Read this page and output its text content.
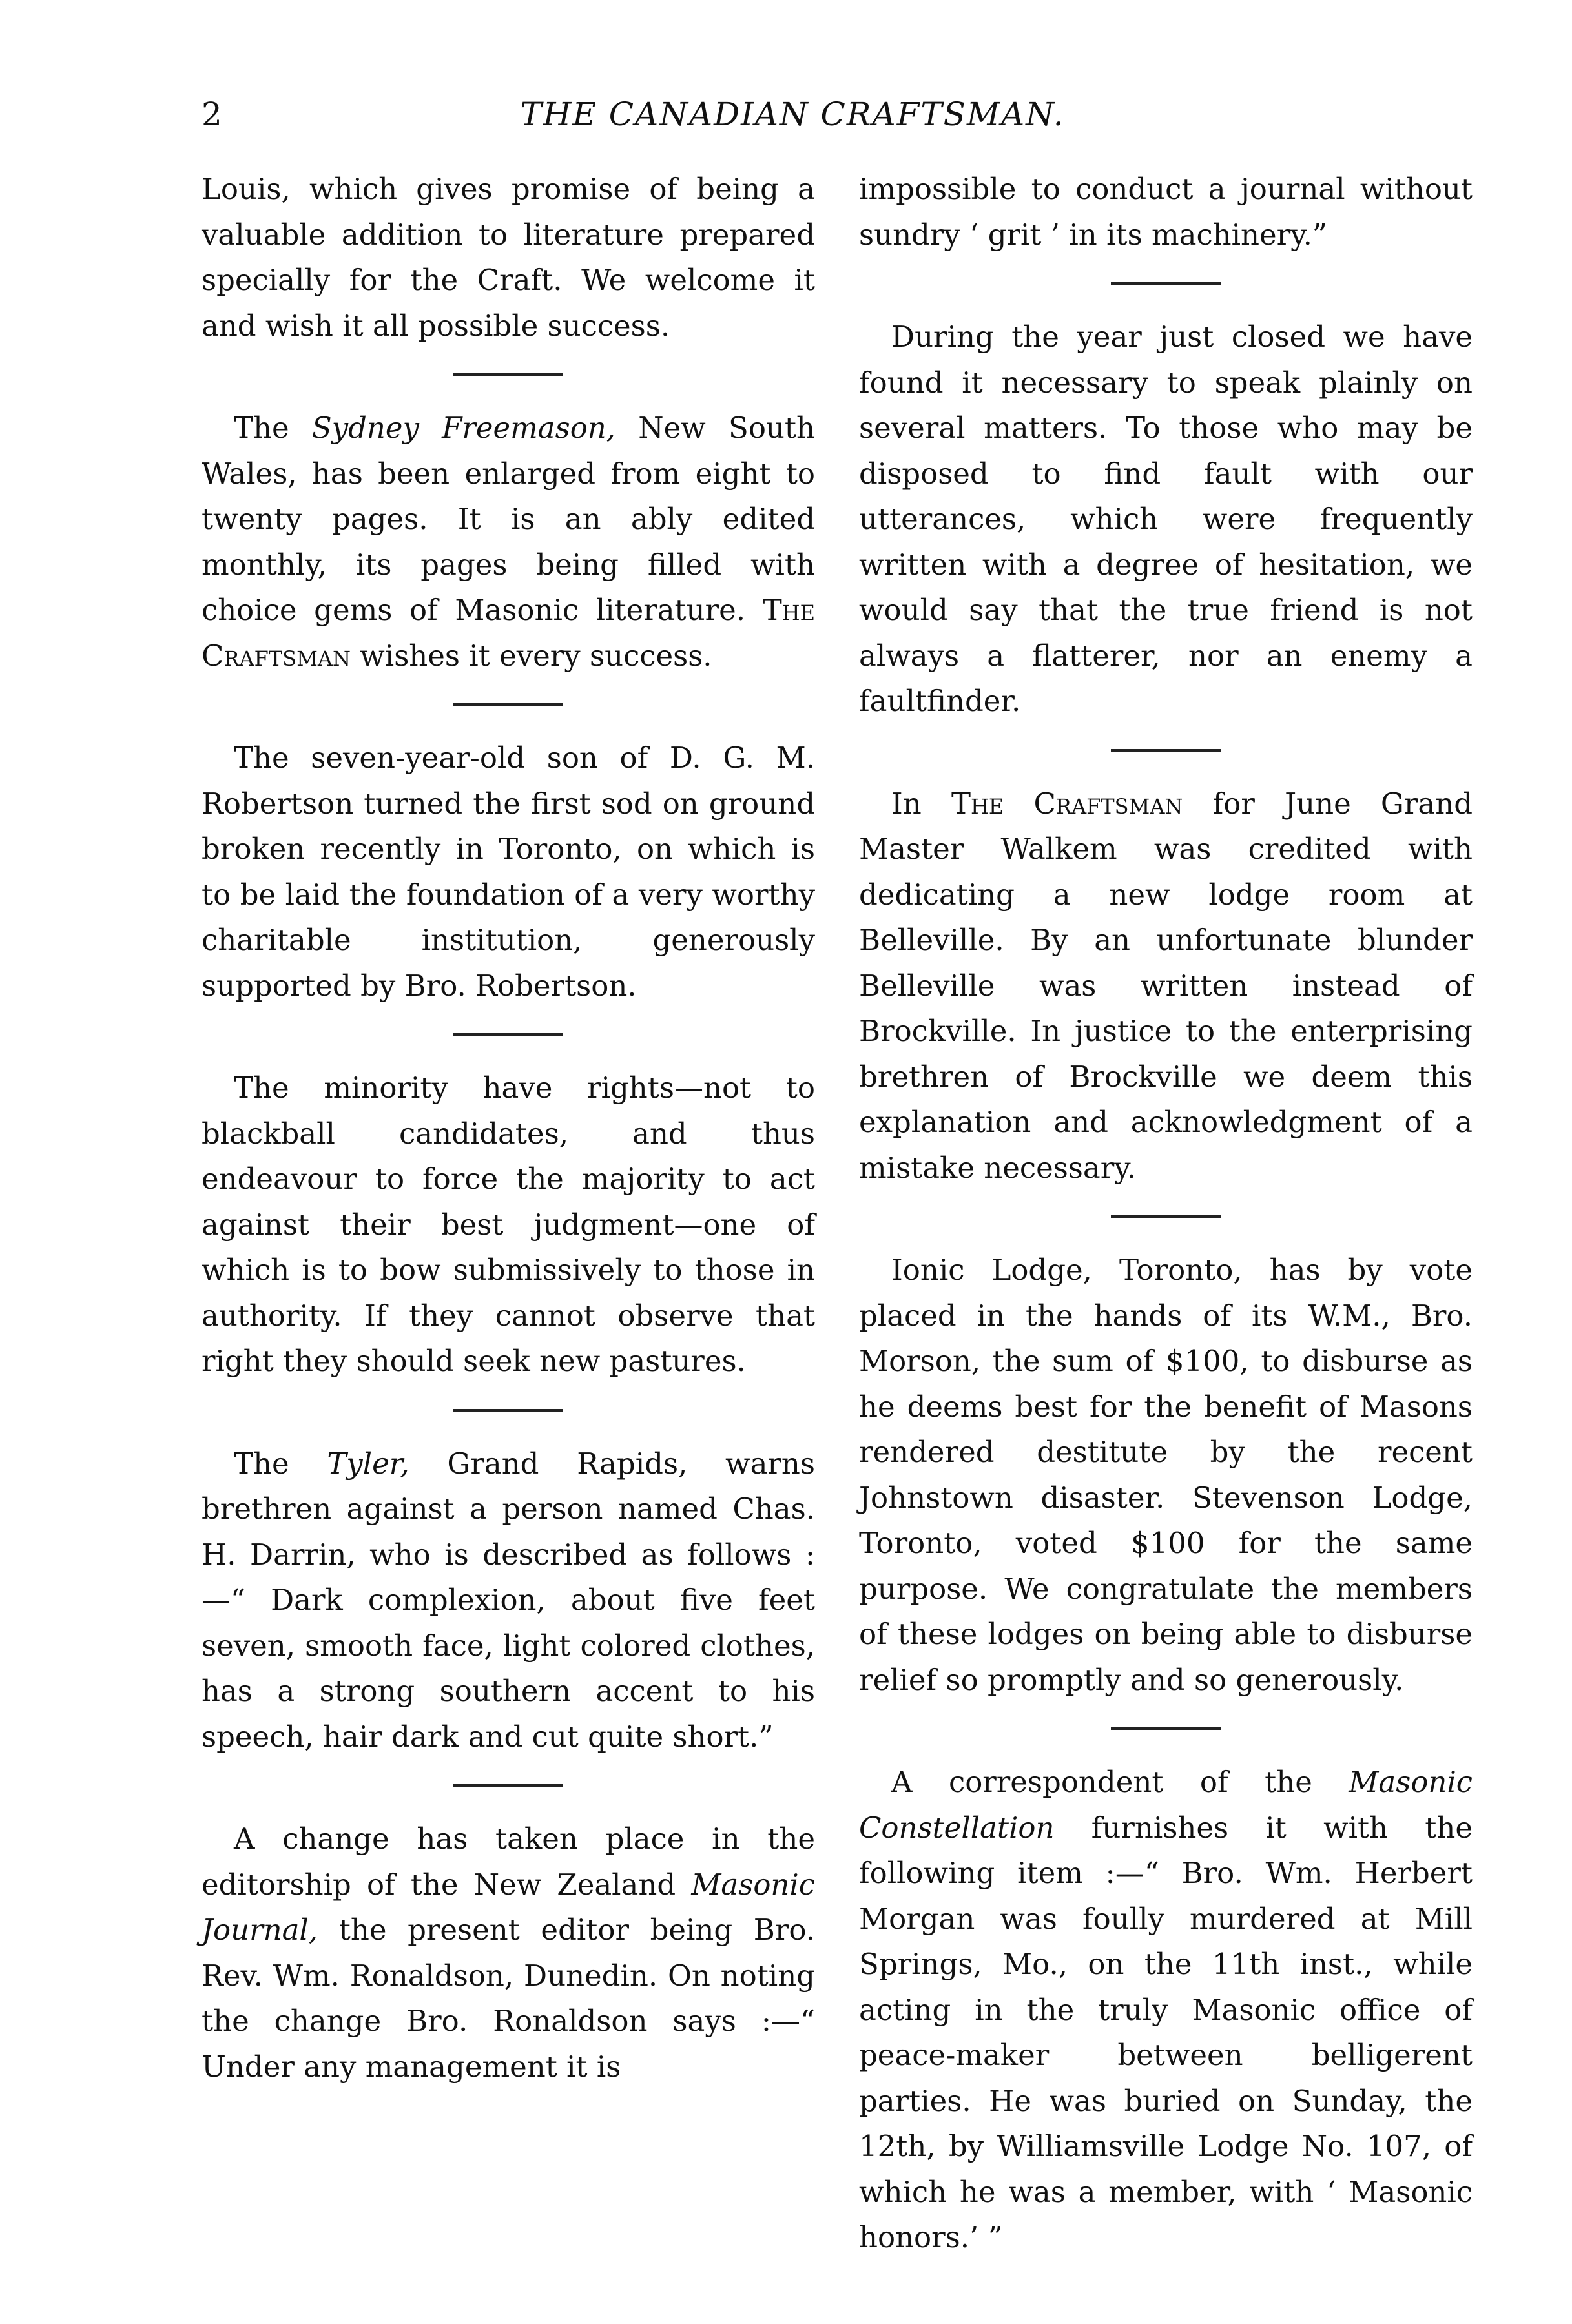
2	THE CANADIAN CRAFTSMAN.

Louis, which gives promise of being a valuable addition to literature prepared specially for the Craft. We welcome it and wish it all possible success.

The Sydney Freemason, New South Wales, has been enlarged from eight to twenty pages. It is an ably edited monthly, its pages being filled with choice gems of Masonic literature. The Craftsman wishes it every success.

The seven-year-old son of D. G. M. Robertson turned the first sod on ground broken recently in Toronto, on which is to be laid the foundation of a very worthy charitable institution, generously supported by Bro. Robertson.

The minority have rights—not to blackball candidates, and thus endeavour to force the majority to act against their best judgment—one of which is to bow submissively to those in authority. If they cannot observe that right they should seek new pastures.

The Tyler, Grand Rapids, warns brethren against a person named Chas. H. Darrin, who is described as follows :—“ Dark complexion, about five feet seven, smooth face, light colored clothes, has a strong southern accent to his speech, hair dark and cut quite short.”

A change has taken place in the editorship of the New Zealand Masonic Journal, the present editor being Bro. Rev. Wm. Ronaldson, Dunedin. On noting the change Bro. Ronaldson says :—“ Under any management it is

impossible to conduct a journal without sundry ‘ grit ’ in its machinery.”

During the year just closed we have found it necessary to speak plainly on several matters. To those who may be disposed to find fault with our utterances, which were frequently written with a degree of hesitation, we would say that the true friend is not always a flatterer, nor an enemy a faultfinder.

In The Craftsman for June Grand Master Walkem was credited with dedicating a new lodge room at Belleville. By an unfortunate blunder Belleville was written instead of Brockville. In justice to the enterprising brethren of Brockville we deem this explanation and acknowledgment of a mistake necessary.

Ionic Lodge, Toronto, has by vote placed in the hands of its W.M., Bro. Morson, the sum of $100, to disburse as he deems best for the benefit of Masons rendered destitute by the recent Johnstown disaster. Stevenson Lodge, Toronto, voted $100 for the same purpose. We congratulate the members of these lodges on being able to disburse relief so promptly and so generously.

A correspondent of the Masonic Constellation furnishes it with the following item :—“ Bro. Wm. Herbert Morgan was foully murdered at Mill Springs, Mo., on the 11th inst., while acting in the truly Masonic office of peace-maker between belligerent parties. He was buried on Sunday, the 12th, by Williamsville Lodge No. 107, of which he was a member, with ‘ Masonic honors.’ ”
